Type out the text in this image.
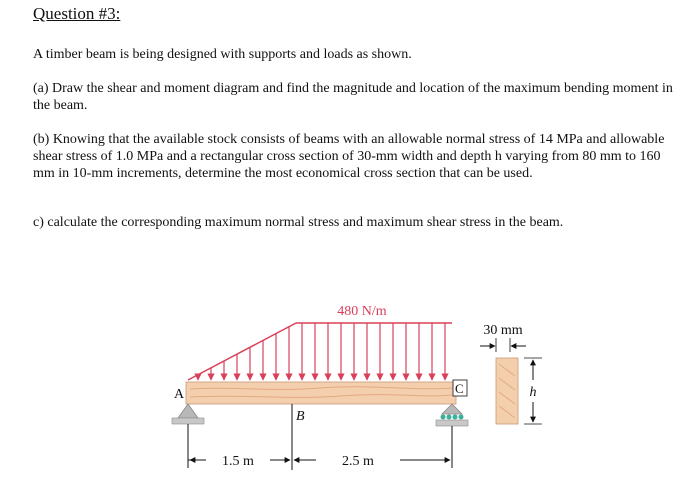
Question #3:
A timber beam is being designed with supports and loads as shown.
(a) Draw the shear and moment diagram and find the magnitude and location of the maximum bending moment in the beam.
(b) Knowing that the available stock consists of beams with an allowable normal stress of 14 MPa and allowable shear stress of 1.0 MPa and a rectangular cross section of 30-mm width and depth h varying from 80 mm to 160 mm in 10-mm increments, determine the most economical cross section that can be used.
c) calculate the corresponding maximum normal stress and maximum shear stress in the beam.
480 N/m
A	C
B
1.5 m	2.5 m
30 mm
h
